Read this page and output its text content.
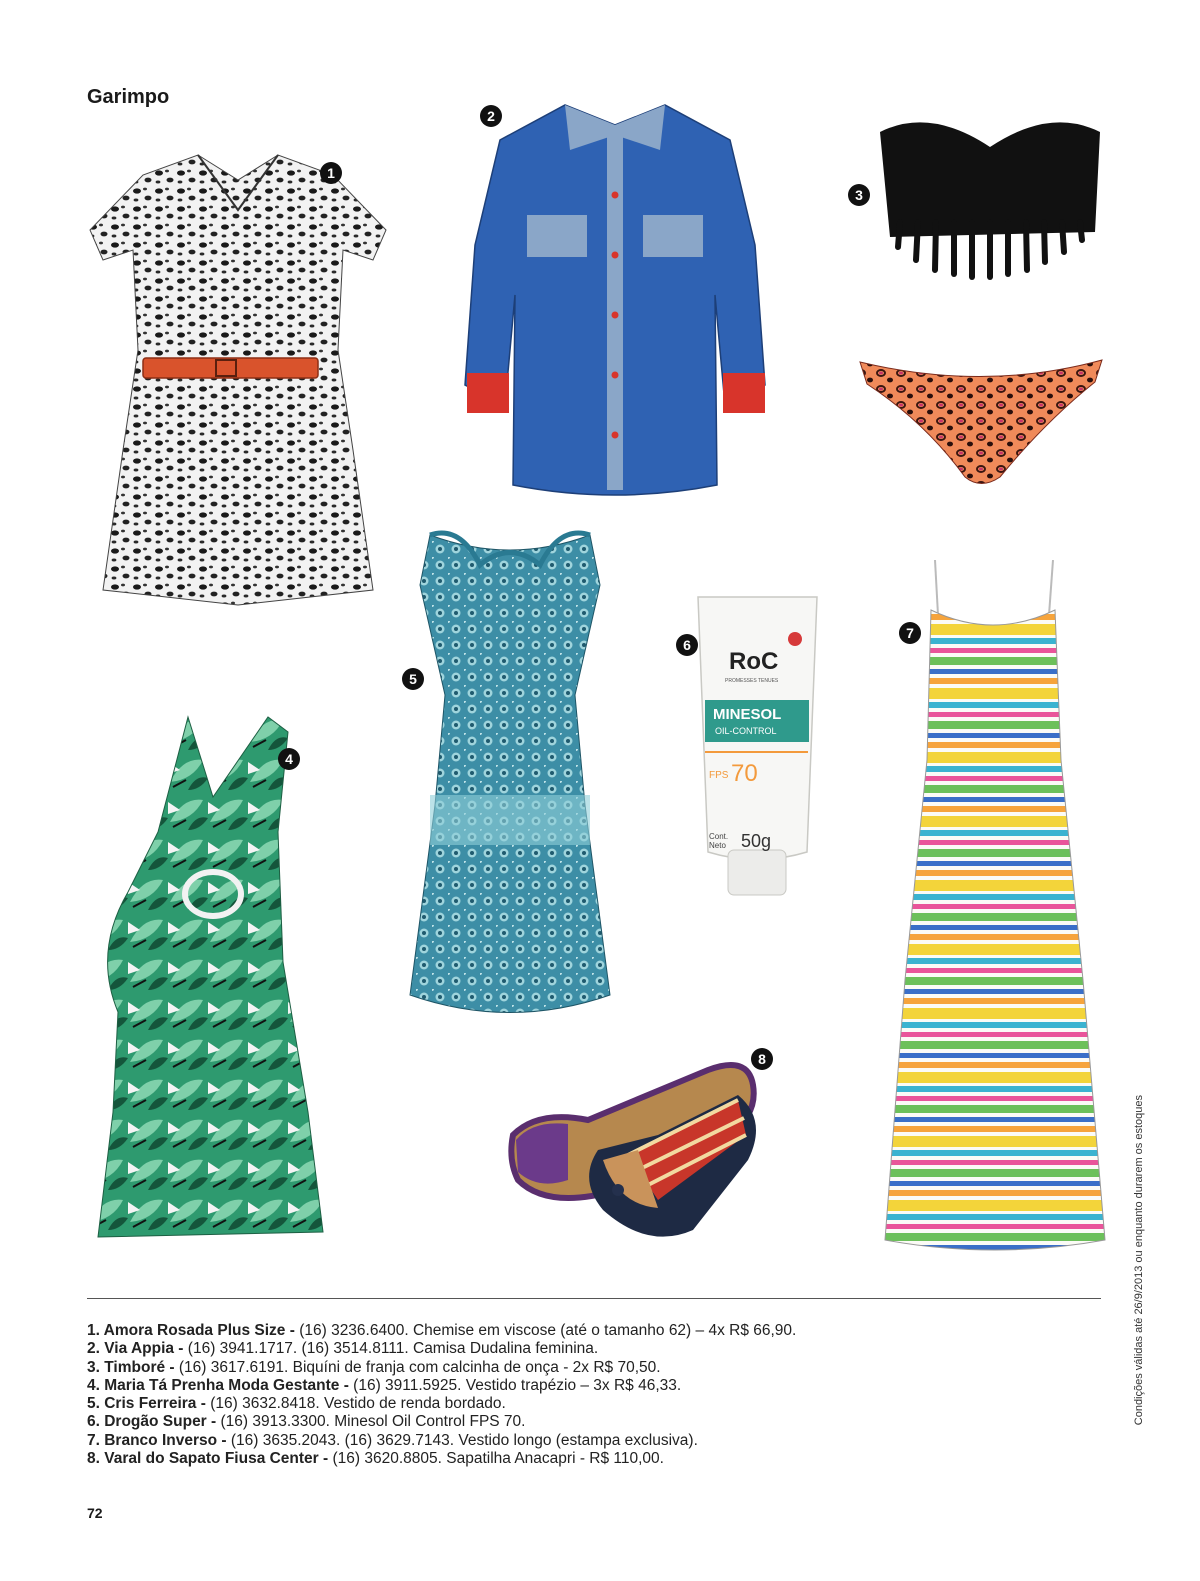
Garimpo
1
2
3
4
5
RoC
PROMESSES TENUES
MINESOL
OIL-CONTROL
FPS 70
Cont. Neto 50g
6
7
8
1. Amora Rosada Plus Size - (16) 3236.6400. Chemise em viscose (até o tamanho 62) – 4x R$ 66,90.
2. Via Appia - (16) 3941.1717. (16) 3514.8111. Camisa Dudalina feminina.
3. Timboré - (16) 3617.6191. Biquíni de franja com calcinha de onça - 2x R$ 70,50.
4. Maria Tá Prenha Moda Gestante - (16) 3911.5925. Vestido trapézio – 3x R$ 46,33.
5. Cris Ferreira - (16) 3632.8418. Vestido de renda bordado.
6. Drogão Super - (16) 3913.3300. Minesol Oil Control FPS 70.
7. Branco Inverso - (16) 3635.2043. (16) 3629.7143. Vestido longo (estampa exclusiva).
8. Varal do Sapato Fiusa Center - (16) 3620.8805. Sapatilha Anacapri - R$ 110,00.
72
Condições válidas até 26/9/2013 ou enquanto durarem os estoques
